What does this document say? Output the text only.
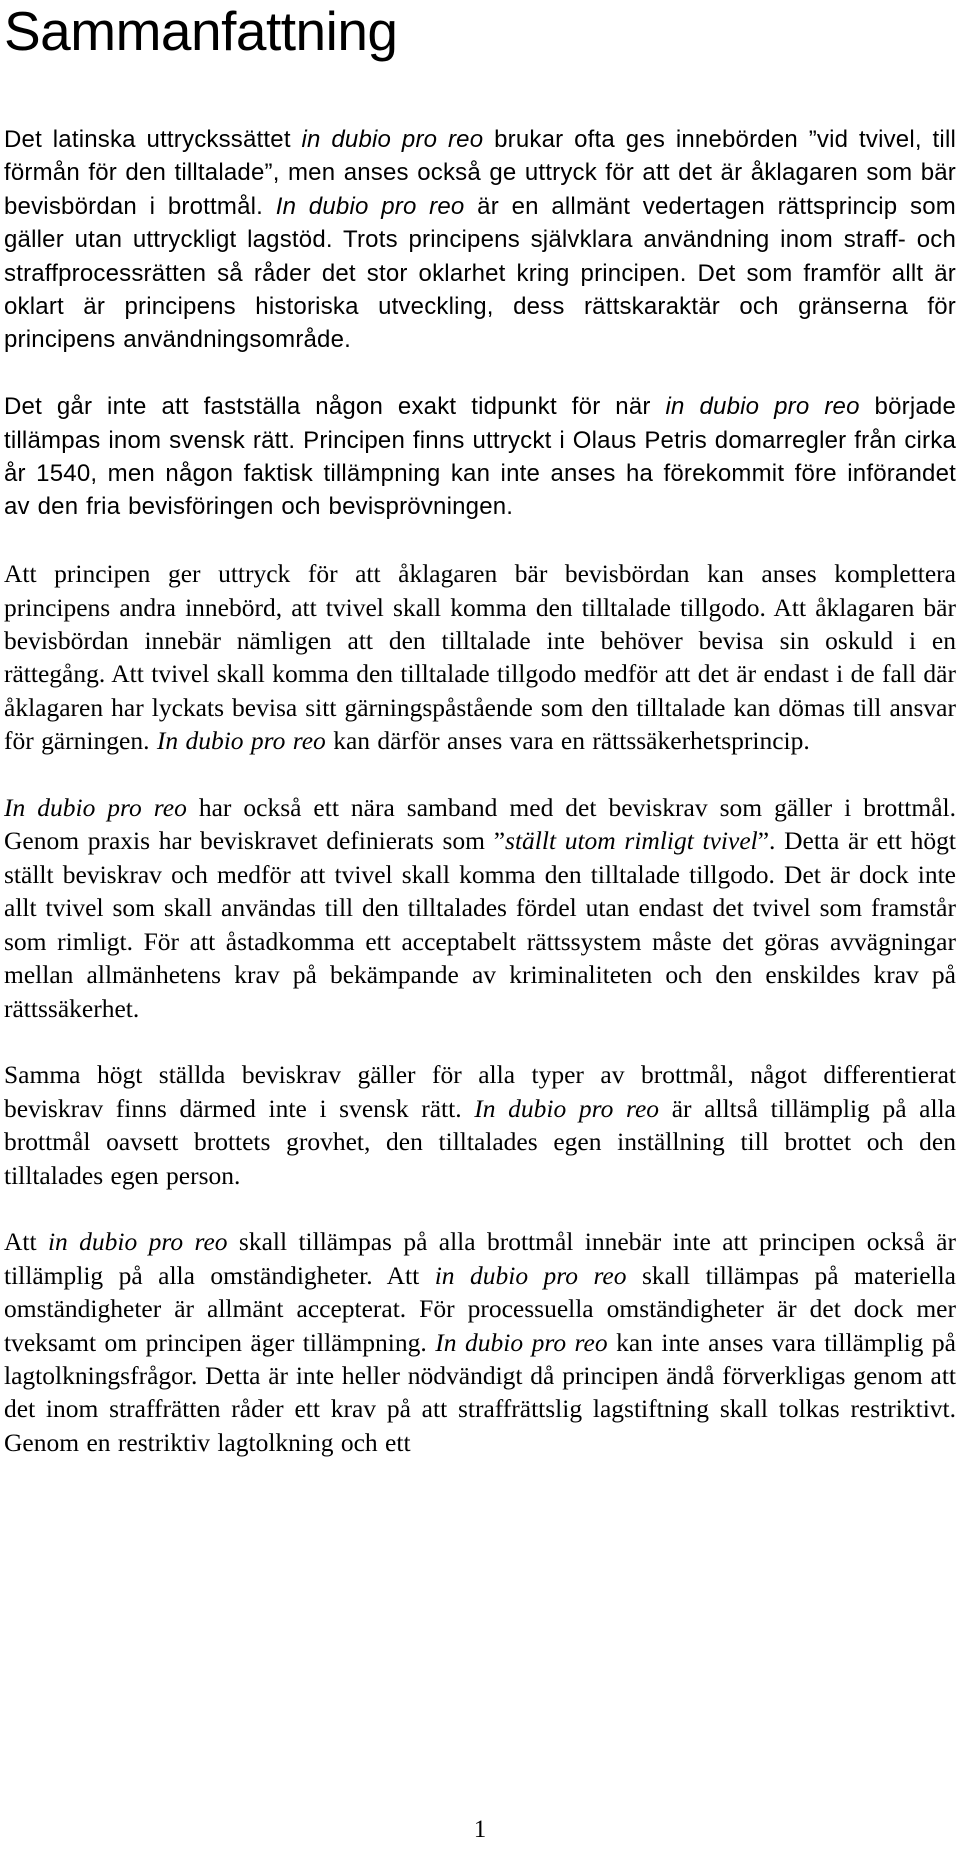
Sammanfattning

Det latinska uttryckssättet in dubio pro reo brukar ofta ges innebörden ”vid tvivel, till förmån för den tilltalade”, men anses också ge uttryck för att det är åklagaren som bär bevisbördan i brottmål. In dubio pro reo är en allmänt vedertagen rättsprincip som gäller utan uttryckligt lagstöd. Trots principens självklara användning inom straff- och straffprocessrätten så råder det stor oklarhet kring principen. Det som framför allt är oklart är principens historiska utveckling, dess rättskaraktär och gränserna för principens användningsområde.

Det går inte att fastställa någon exakt tidpunkt för när in dubio pro reo började tillämpas inom svensk rätt. Principen finns uttryckt i Olaus Petris domarregler från cirka år 1540, men någon faktisk tillämpning kan inte anses ha förekommit före införandet av den fria bevisföringen och bevisprövningen.

Att principen ger uttryck för att åklagaren bär bevisbördan kan anses komplettera principens andra innebörd, att tvivel skall komma den tilltalade tillgodo. Att åklagaren bär bevisbördan innebär nämligen att den tilltalade inte behöver bevisa sin oskuld i en rättegång. Att tvivel skall komma den tilltalade tillgodo medför att det är endast i de fall där åklagaren har lyckats bevisa sitt gärningspåstående som den tilltalade kan dömas till ansvar för gärningen. In dubio pro reo kan därför anses vara en rättssäkerhetsprincip.

In dubio pro reo har också ett nära samband med det beviskrav som gäller i brottmål. Genom praxis har beviskravet definierats som ”ställt utom rimligt tvivel”. Detta är ett högt ställt beviskrav och medför att tvivel skall komma den tilltalade tillgodo. Det är dock inte allt tvivel som skall användas till den tilltalades fördel utan endast det tvivel som framstår som rimligt. För att åstadkomma ett acceptabelt rättssystem måste det göras avvägningar mellan allmänhetens krav på bekämpande av kriminaliteten och den enskildes krav på rättssäkerhet.

Samma högt ställda beviskrav gäller för alla typer av brottmål, något differentierat beviskrav finns därmed inte i svensk rätt. In dubio pro reo är alltså tillämplig på alla brottmål oavsett brottets grovhet, den tilltalades egen inställning till brottet och den tilltalades egen person.

Att in dubio pro reo skall tillämpas på alla brottmål innebär inte att principen också är tillämplig på alla omständigheter. Att in dubio pro reo skall tillämpas på materiella omständigheter är allmänt accepterat. För processuella omständigheter är det dock mer tveksamt om principen äger tillämpning. In dubio pro reo kan inte anses vara tillämplig på lagtolkningsfrågor. Detta är inte heller nödvändigt då principen ändå förverkligas genom att det inom straffrätten råder ett krav på att straffrättslig lagstiftning skall tolkas restriktivt. Genom en restriktiv lagtolkning och ett

1
